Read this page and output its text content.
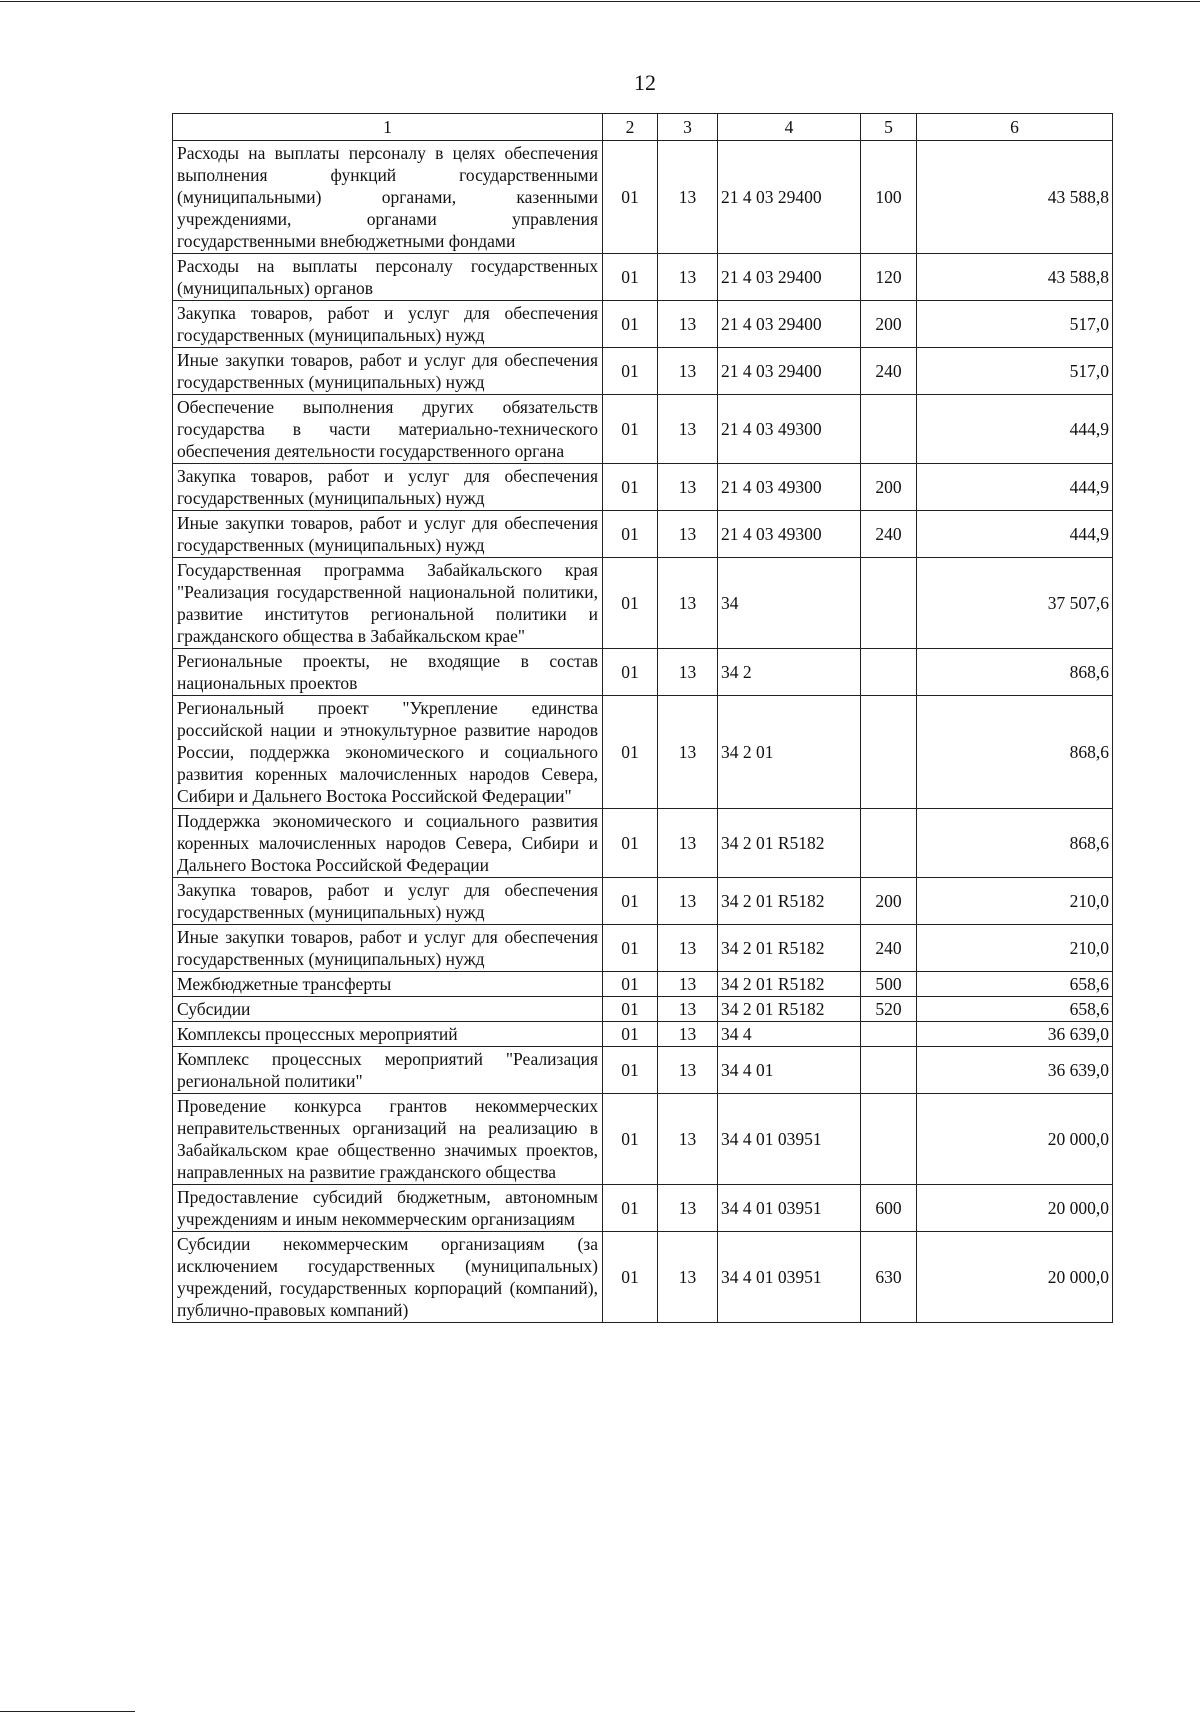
12
1	2	3	4	5	6
Расходы на выплаты персоналу в целях обеспечения выполнения функций государственными (муниципальными) органами, казенными учреждениями, органами управления государственными внебюджетными фондами	01	13	21 4 03 29400	100	43 588,8
Расходы на выплаты персоналу государственных (муниципальных) органов	01	13	21 4 03 29400	120	43 588,8
Закупка товаров, работ и услуг для обеспечения государственных (муниципальных) нужд	01	13	21 4 03 29400	200	517,0
Иные закупки товаров, работ и услуг для обеспечения государственных (муниципальных) нужд	01	13	21 4 03 29400	240	517,0
Обеспечение выполнения других обязательств государства в части материально-технического обеспечения деятельности государственного органа	01	13	21 4 03 49300		444,9
Закупка товаров, работ и услуг для обеспечения государственных (муниципальных) нужд	01	13	21 4 03 49300	200	444,9
Иные закупки товаров, работ и услуг для обеспечения государственных (муниципальных) нужд	01	13	21 4 03 49300	240	444,9
Государственная программа Забайкальского края "Реализация государственной национальной политики, развитие институтов региональной политики и гражданского общества в Забайкальском крае"	01	13	34		37 507,6
Региональные проекты, не входящие в состав национальных проектов	01	13	34 2		868,6
Региональный проект "Укрепление единства российской нации и этнокультурное развитие народов России, поддержка экономического и социального развития коренных малочисленных народов Севера, Сибири и Дальнего Востока Российской Федерации"	01	13	34 2 01		868,6
Поддержка экономического и социального развития коренных малочисленных народов Севера, Сибири и Дальнего Востока Российской Федерации	01	13	34 2 01 R5182		868,6
Закупка товаров, работ и услуг для обеспечения государственных (муниципальных) нужд	01	13	34 2 01 R5182	200	210,0
Иные закупки товаров, работ и услуг для обеспечения государственных (муниципальных) нужд	01	13	34 2 01 R5182	240	210,0
Межбюджетные трансферты	01	13	34 2 01 R5182	500	658,6
Субсидии	01	13	34 2 01 R5182	520	658,6
Комплексы процессных мероприятий	01	13	34 4		36 639,0
Комплекс процессных мероприятий "Реализация региональной политики"	01	13	34 4 01		36 639,0
Проведение конкурса грантов некоммерческих неправительственных организаций на реализацию в Забайкальском крае общественно значимых проектов, направленных на развитие гражданского общества	01	13	34 4 01 03951		20 000,0
Предоставление субсидий бюджетным, автономным учреждениям и иным некоммерческим организациям	01	13	34 4 01 03951	600	20 000,0
Субсидии некоммерческим организациям (за исключением государственных (муниципальных) учреждений, государственных корпораций (компаний), публично-правовых компаний)	01	13	34 4 01 03951	630	20 000,0
